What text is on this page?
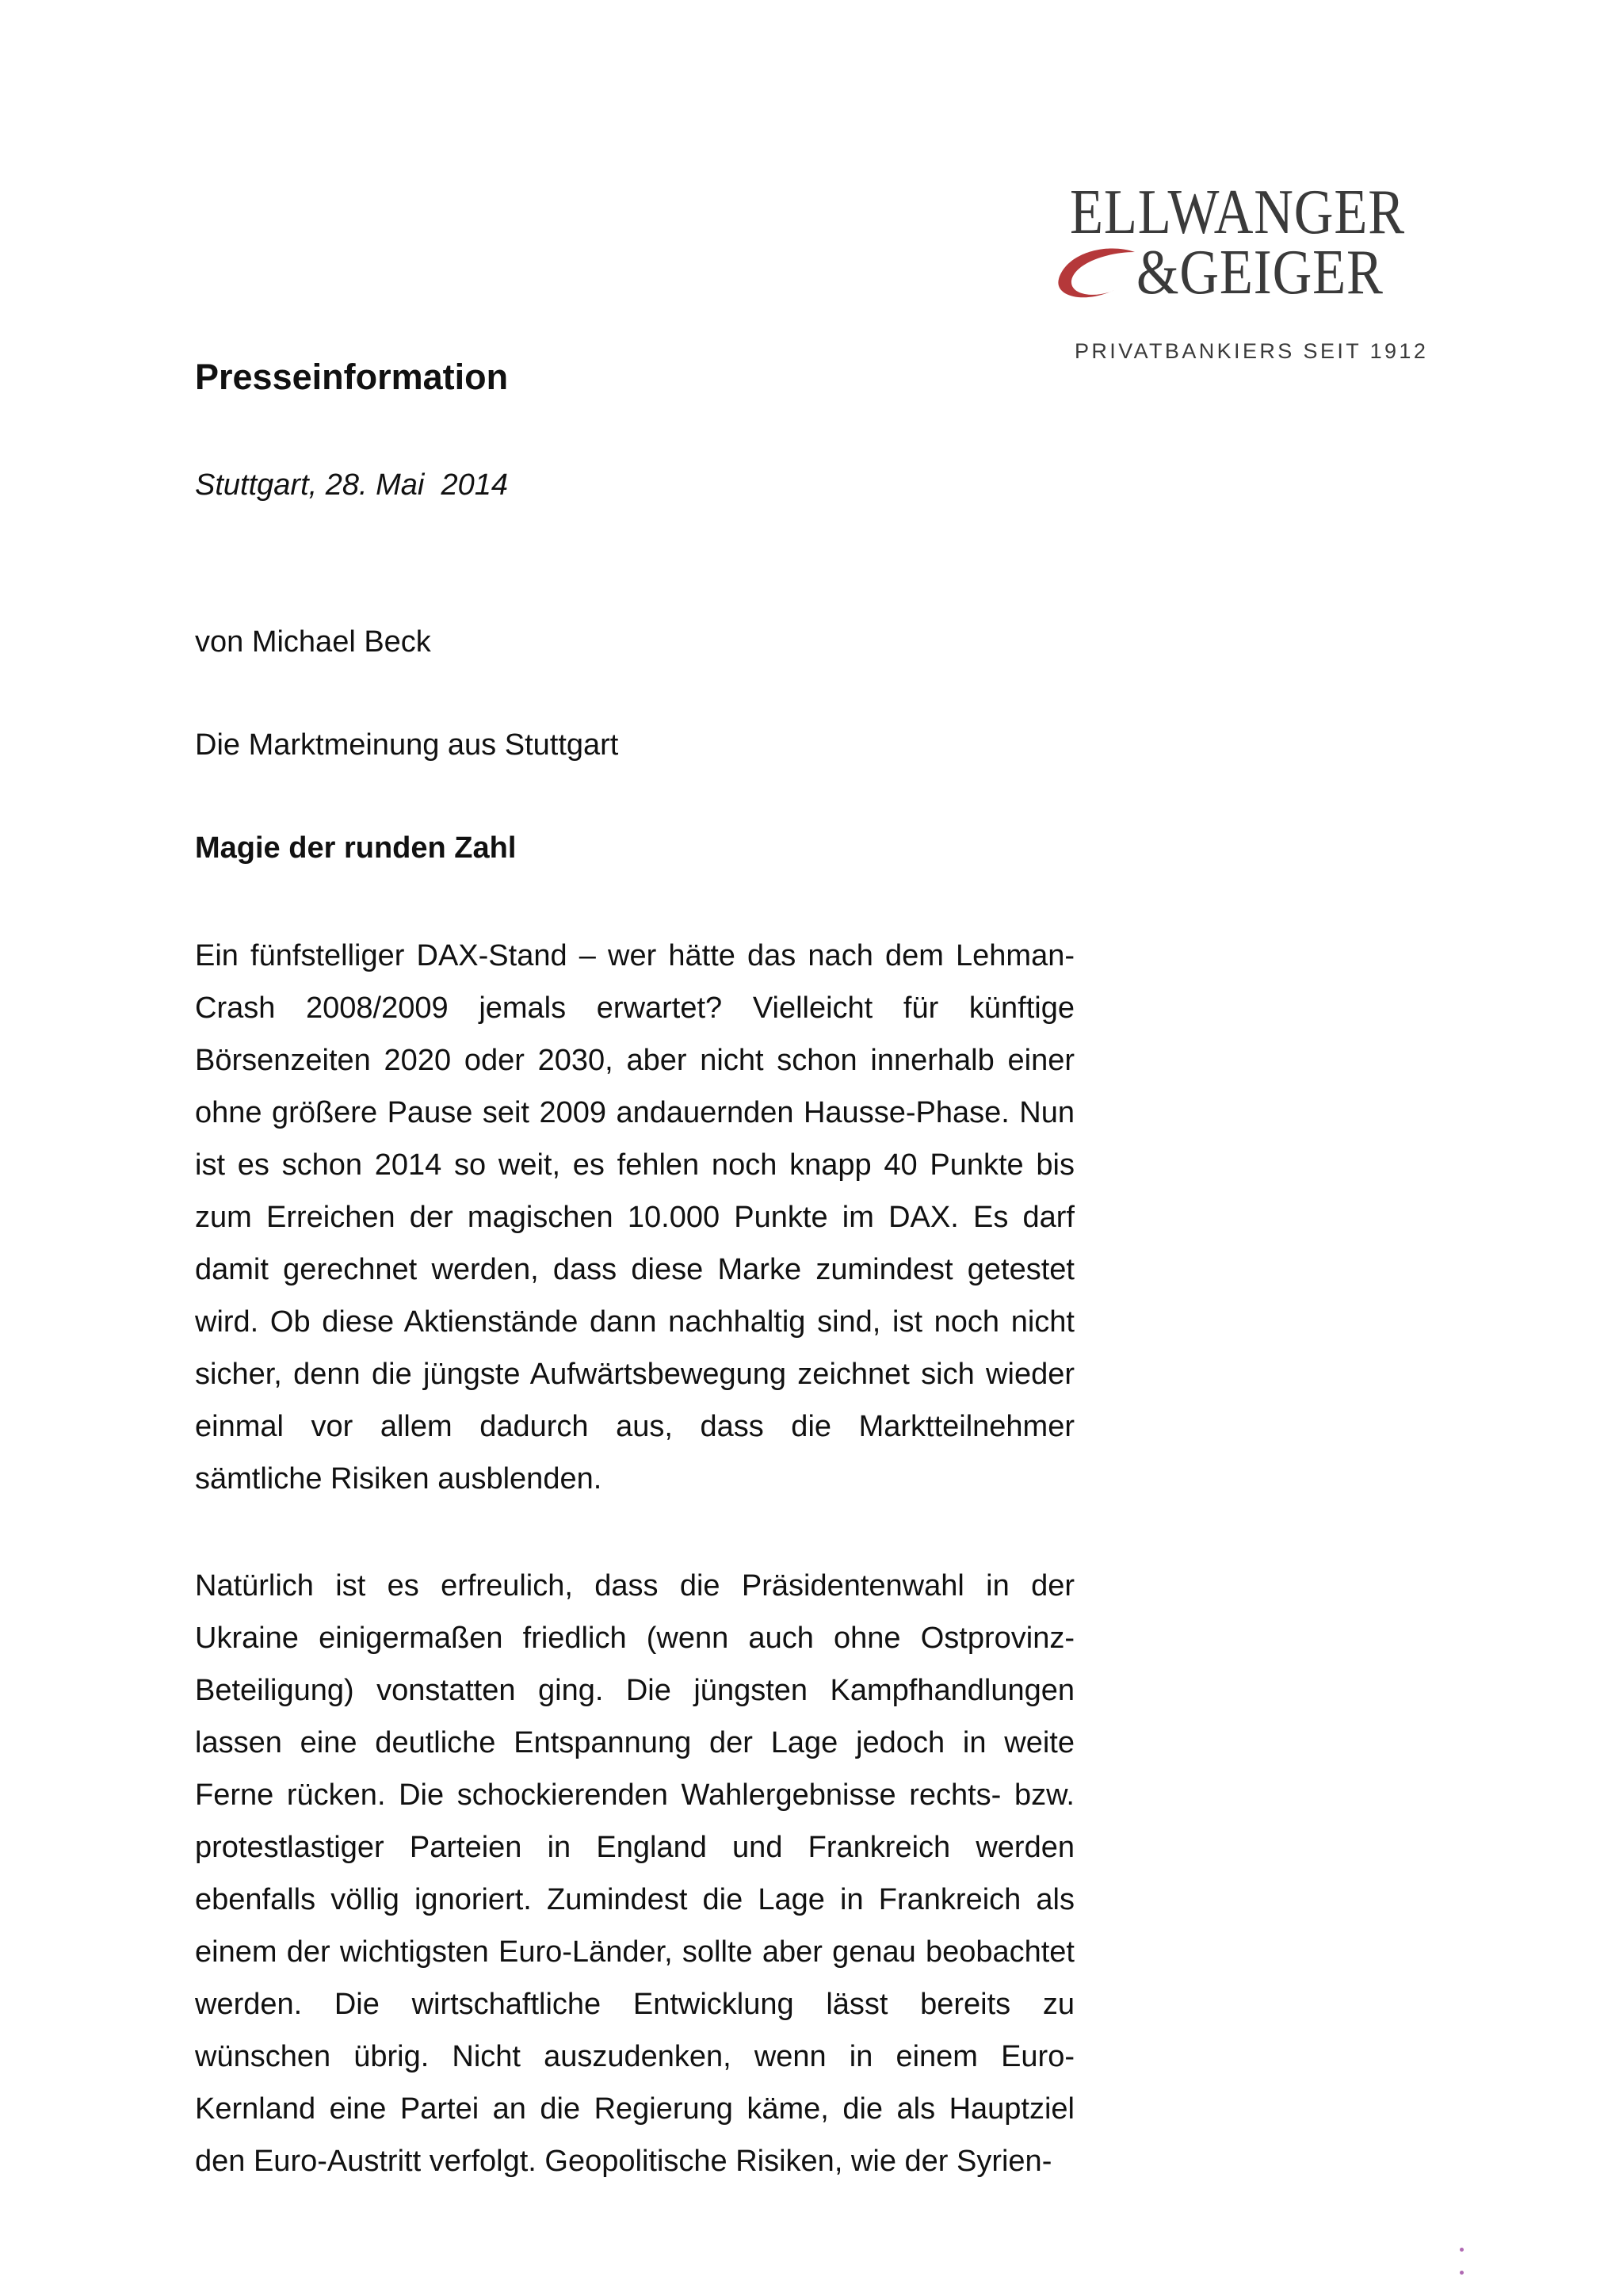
ELLWANGER
&GEIGER
PRIVATBANKIERS SEIT 1912
Presseinformation
Stuttgart, 28. Mai  2014
von Michael Beck
Die Marktmeinung aus Stuttgart
Magie der runden Zahl

Ein fünfstelliger DAX-Stand – wer hätte das nach dem Lehman-Crash 2008/2009 jemals erwartet? Vielleicht für künftige Börsenzeiten 2020 oder 2030, aber nicht schon innerhalb einer ohne größere Pause seit 2009 andauernden Hausse-Phase. Nun ist es schon 2014 so weit, es fehlen noch knapp 40 Punkte bis zum Erreichen der magischen 10.000 Punkte im DAX. Es darf damit gerechnet werden, dass diese Marke zumindest getestet wird. Ob diese Aktienstände dann nachhaltig sind, ist noch nicht sicher, denn die jüngste Aufwärtsbewegung zeichnet sich wieder einmal vor allem dadurch aus, dass die Marktteilnehmer sämtliche Risiken ausblenden.

Natürlich ist es erfreulich, dass die Präsidentenwahl in der Ukraine einigermaßen friedlich (wenn auch ohne Ostprovinz-Beteiligung) vonstatten ging. Die jüngsten Kampfhandlungen lassen eine deutliche Entspannung der Lage jedoch in weite Ferne rücken. Die schockierenden Wahlergebnisse rechts- bzw. protestlastiger Parteien in England und Frankreich werden ebenfalls völlig ignoriert. Zumindest die Lage in Frankreich als einem der wichtigsten Euro-Länder, sollte aber genau beobachtet werden. Die wirtschaftliche Entwicklung lässt bereits zu wünschen übrig. Nicht auszudenken, wenn in einem Euro-Kernland eine Partei an die Regierung käme, die als Hauptziel den Euro-Austritt verfolgt. Geopolitische Risiken, wie der Syrien-
